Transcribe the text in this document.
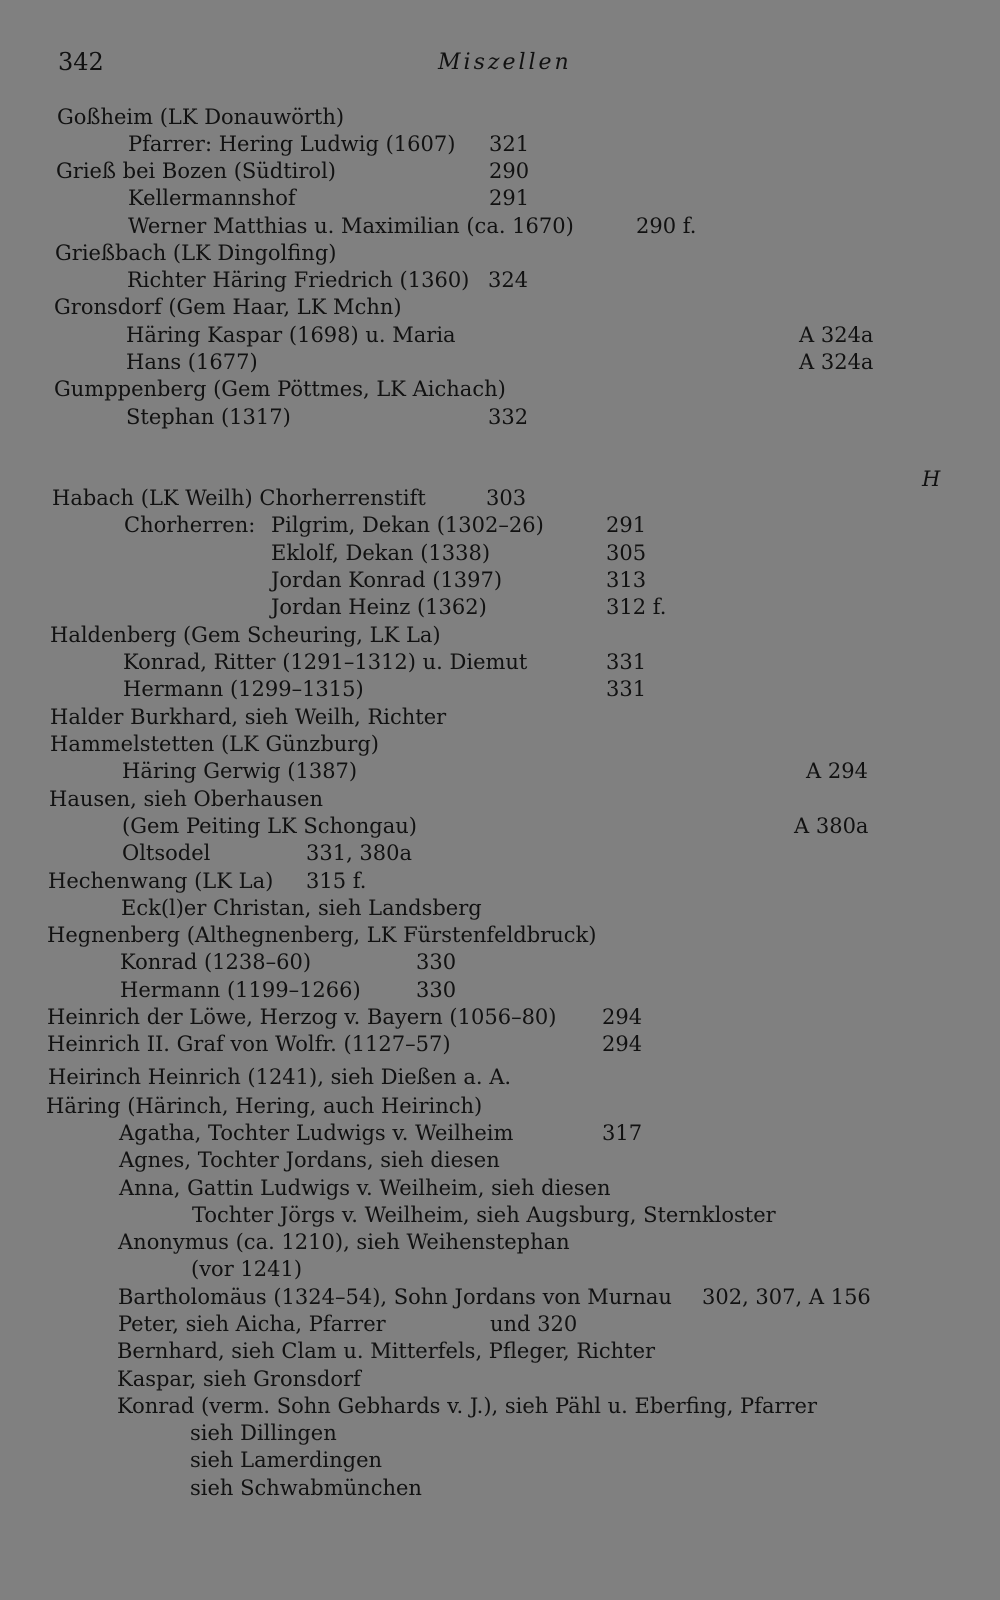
342	Miszellen
H
Goßheim (LK Donauwörth)
Pfarrer: Hering Ludwig (1607) 321
Grieß bei Bozen (Südtirol)	290
Kellermannshof	291
Werner Matthias u. Maximilian (ca. 1670)	290 f.
Grießbach (LK Dingolfing)
Richter Häring Friedrich (1360) 324
Gronsdorf (Gem Haar, LK Mchn)
Häring Kaspar (1698) u. Maria	A 324a
Hans (1677)	A 324a
Gumppenberg (Gem Pöttmes, LK Aichach)
Stephan (1317)	332
Habach (LK Weilh) Chorherrenstift	303
Chorherren: Pilgrim, Dekan (1302–26)	291
Eklolf, Dekan (1338)	305
Jordan Konrad (1397)	313
Jordan Heinz (1362)	312 f.
Haldenberg (Gem Scheuring, LK La)
Konrad, Ritter (1291–1312) u. Diemut	331
Hermann (1299–1315)	331
Halder Burkhard, sieh Weilh, Richter
Hammelstetten (LK Günzburg)
Häring Gerwig (1387)	A 294
Hausen, sieh Oberhausen
(Gem Peiting LK Schongau)	A 380a
Oltsodel	331, 380a
Hechenwang (LK La) 315 f.
Eck(l)er Christan, sieh Landsberg
Hegnenberg (Althegnenberg, LK Fürstenfeldbruck)
Konrad (1238–60)	330
Hermann (1199–1266)	330
Heinrich der Löwe, Herzog v. Bayern (1056–80) 294
Heinrich II. Graf von Wolfr. (1127–57)	294
Heirinch Heinrich (1241), sieh Dießen a. A.
Häring (Härinch, Hering, auch Heirinch)
Agatha, Tochter Ludwigs v. Weilheim	317
Agnes, Tochter Jordans, sieh diesen
Anna, Gattin Ludwigs v. Weilheim, sieh diesen
Tochter Jörgs v. Weilheim, sieh Augsburg, Sternkloster
Anonymus (ca. 1210), sieh Weihenstephan
(vor 1241)
Bartholomäus (1324–54), Sohn Jordans von Murnau 302, 307, A 156
Peter, sieh Aicha, Pfarrer	und 320
Bernhard, sieh Clam u. Mitterfels, Pfleger, Richter
Kaspar, sieh Gronsdorf
Konrad (verm. Sohn Gebhards v. J.), sieh Pähl u. Eberfing, Pfarrer
sieh Dillingen
sieh Lamerdingen
sieh Schwabmünchen
